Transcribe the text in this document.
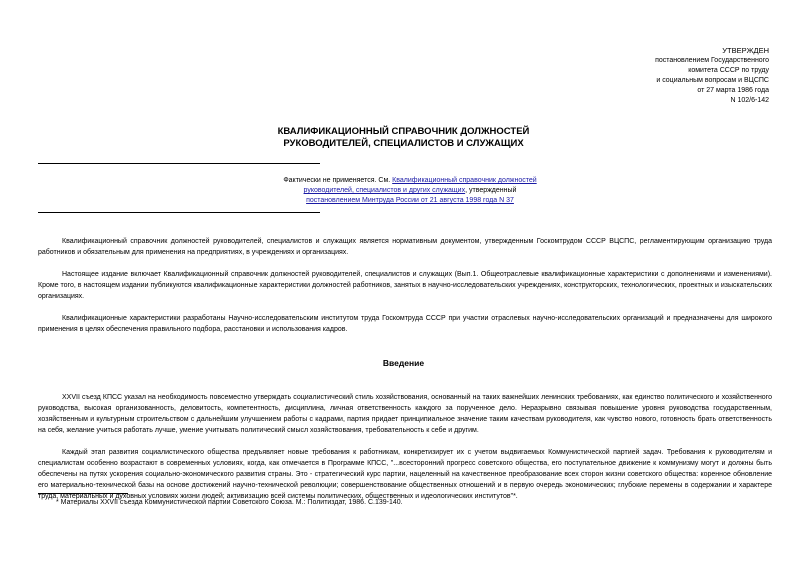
УТВЕРЖДЕН
постановлением Государственного
комитета СССР по труду
и социальным вопросам и ВЦСПС
от 27 марта 1986 года
N 102/6-142
КВАЛИФИКАЦИОННЫЙ СПРАВОЧНИК ДОЛЖНОСТЕЙ
РУКОВОДИТЕЛЕЙ, СПЕЦИАЛИСТОВ И СЛУЖАЩИХ
Фактически не применяется. См. Квалификационный справочник должностей
руководителей, специалистов и других служащих, утвержденный
постановлением Минтруда России от 21 августа 1998 года N 37

Квалификационный справочник должностей руководителей, специалистов и служащих является нормативным документом, утвержденным Госкомтрудом СССР ВЦСПС, регламентирующим организацию труда работников и обязательным для применения на предприятиях, в учреждениях и организациях.

Настоящее издание включает Квалификационный справочник должностей руководителей, специалистов и служащих (Вып.1. Общеотраслевые квалификационные характеристики с дополнениями и изменениями). Кроме того, в настоящем издании публикуются квалификационные характеристики должностей работников, занятых в научно-исследовательских учреждениях, конструкторских, технологических, проектных и изыскательских организациях.

Квалификационные характеристики разработаны Научно-исследовательским институтом труда Госкомтруда СССР при участии отраслевых научно-исследовательских организаций и предназначены для широкого применения в целях обеспечения правильного подбора, расстановки и использования кадров.

Введение

XXVII съезд КПСС указал на необходимость повсеместно утверждать социалистический стиль хозяйствования, основанный на таких важнейших ленинских требованиях, как единство политического и хозяйственного руководства, высокая организованность, деловитость, компетентность, дисциплина, личная ответственность каждого за порученное дело. Неразрывно связывая повышение уровня руководства государственным, хозяйственным и культурным строительством с дальнейшим улучшением работы с кадрами, партия придает принципиальное значение таким качествам руководителя, как чувство нового, готовность брать ответственность на себя, желание учиться работать лучше, умение учитывать политический смысл хозяйствования, требовательность к себе и другим.

Каждый этап развития социалистического общества предъявляет новые требования к работникам, конкретизирует их с учетом выдвигаемых Коммунистической партией задач. Требования к руководителям и специалистам особенно возрастают в современных условиях, когда, как отмечается в Программе КПСС, "...всесторонний прогресс советского общества, его поступательное движение к коммунизму могут и должны быть обеспечены на путях ускорения социально-экономического развития страны. Это - стратегический курс партии, нацеленный на качественное преобразование всех сторон жизни советского общества: коренное обновление его материально-технической базы на основе достижений научно-технической революции; совершенствование общественных отношений и в первую очередь экономических; глубокие перемены в содержании и характере труда, материальных и духовных условиях жизни людей; активизацию всей системы политических, общественных и идеологических институтов"*.

* Материалы XXVII съезда Коммунистической партии Советского Союза. М.: Политиздат, 1986. С.139-140.
